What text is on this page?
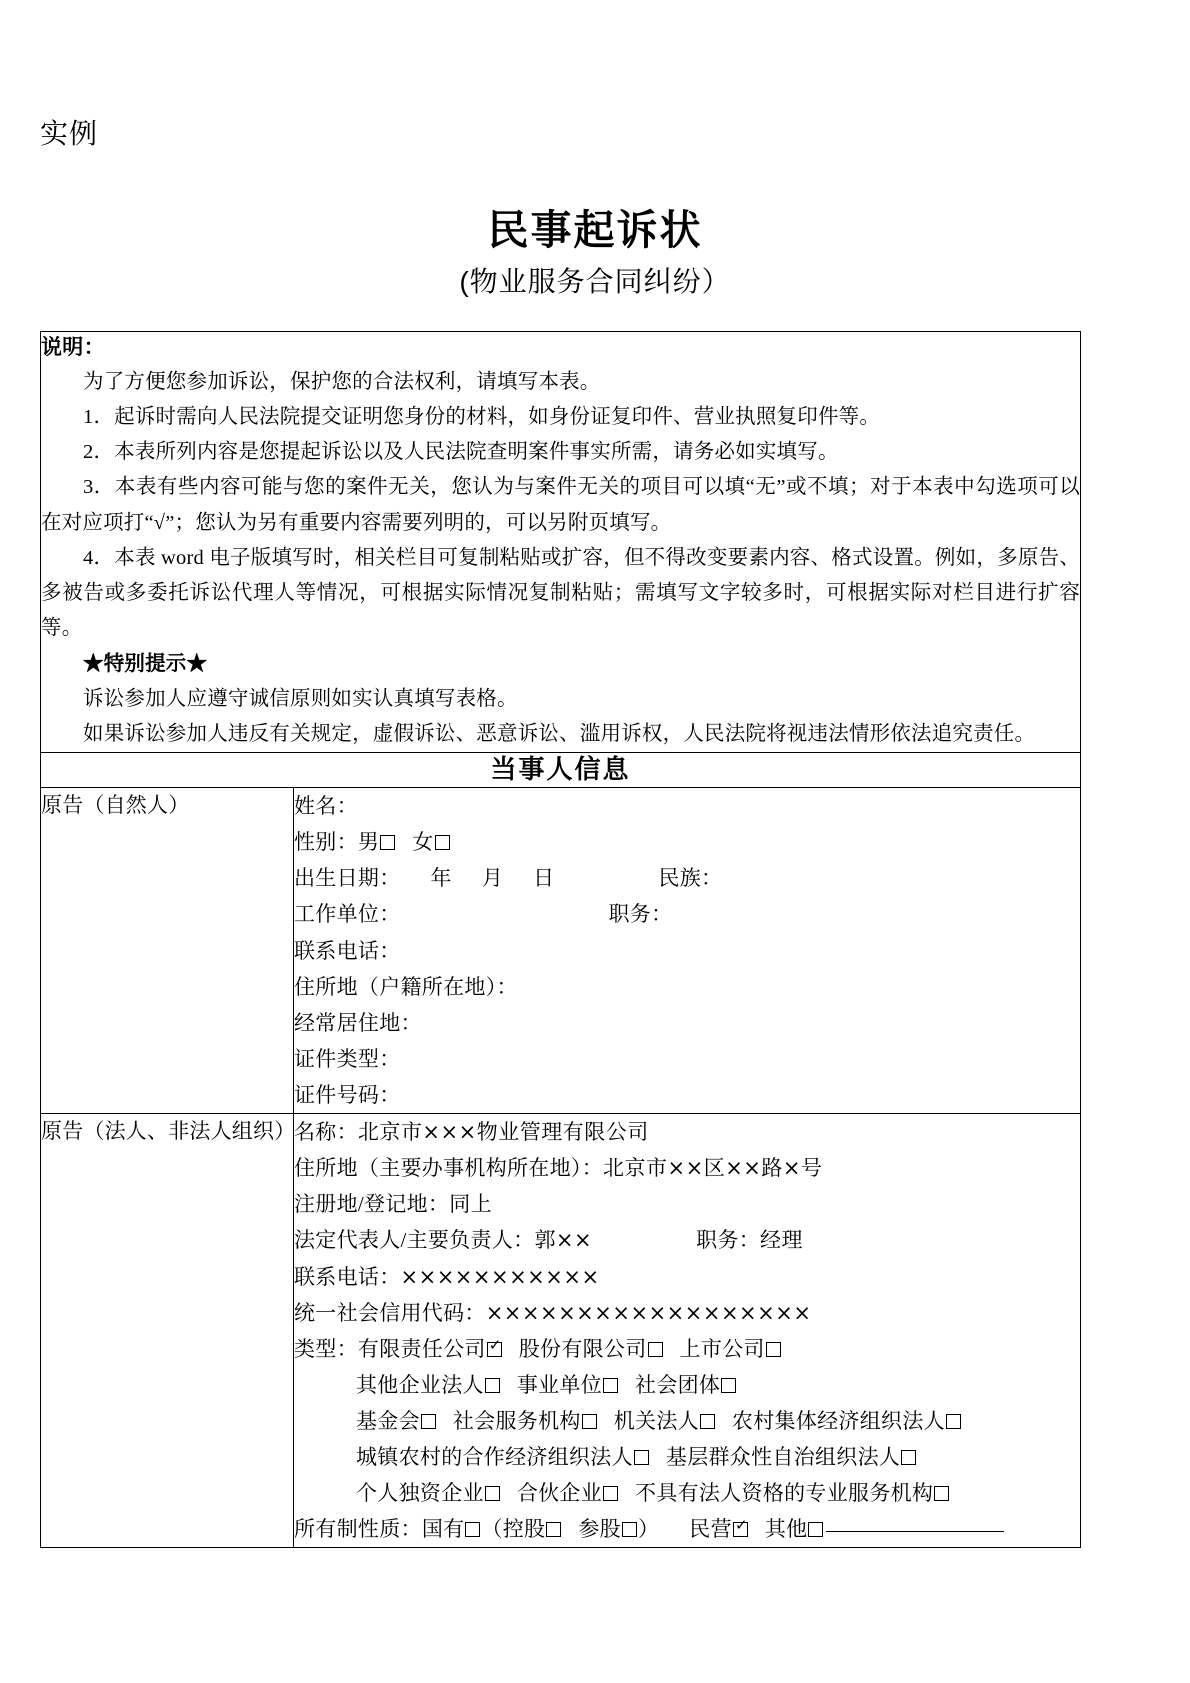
实例
民事起诉状
(物业服务合同纠纷）
说明：
为了方便您参加诉讼，保护您的合法权利，请填写本表。
1．起诉时需向人民法院提交证明您身份的材料，如身份证复印件、营业执照复印件等。
2．本表所列内容是您提起诉讼以及人民法院查明案件事实所需，请务必如实填写。
3．本表有些内容可能与您的案件无关，您认为与案件无关的项目可以填“无”或不填；对于本表中勾选项可以在对应项打“√”；您认为另有重要内容需要列明的，可以另附页填写。
4．本表 word 电子版填写时，相关栏目可复制粘贴或扩容，但不得改变要素内容、格式设置。例如，多原告、多被告或多委托诉讼代理人等情况，可根据实际情况复制粘贴；需填写文字较多时，可根据实际对栏目进行扩容等。
★特别提示★
诉讼参加人应遵守诚信原则如实认真填写表格。
如果诉讼参加人违反有关规定，虚假诉讼、恶意诉讼、滥用诉权，人民法院将视违法情形依法追究责任。

当事人信息	
原告（自然人）	姓名：
性别：男 女
出生日期： 年 月 日	民族：
工作单位：	职务：
联系电话：
住所地（户籍所在地）：
经常居住地：
证件类型：
证件号码：

原告（法人、非法人组织）	
名称：北京市×××物业管理有限公司
住所地（主要办事机构所在地）：北京市××区××路×号
注册地/登记地：同上
法定代表人/主要负责人：郭××	职务：经理
联系电话：×××××××××××
统一社会信用代码：××××××××××××××××××
类型：有限责任公司 ✓ 股份有限公司 上市公司
其他企业法人 事业单位 社会团体
基金会 社会服务机构 机关法人 农村集体经济组织法人
城镇农村的合作经济组织法人 基层群众性自治组织法人
个人独资企业 合伙企业 不具有法人资格的专业服务机构
所有制性质：国有 （控股 参股 ） 民营 ✓ 其他
